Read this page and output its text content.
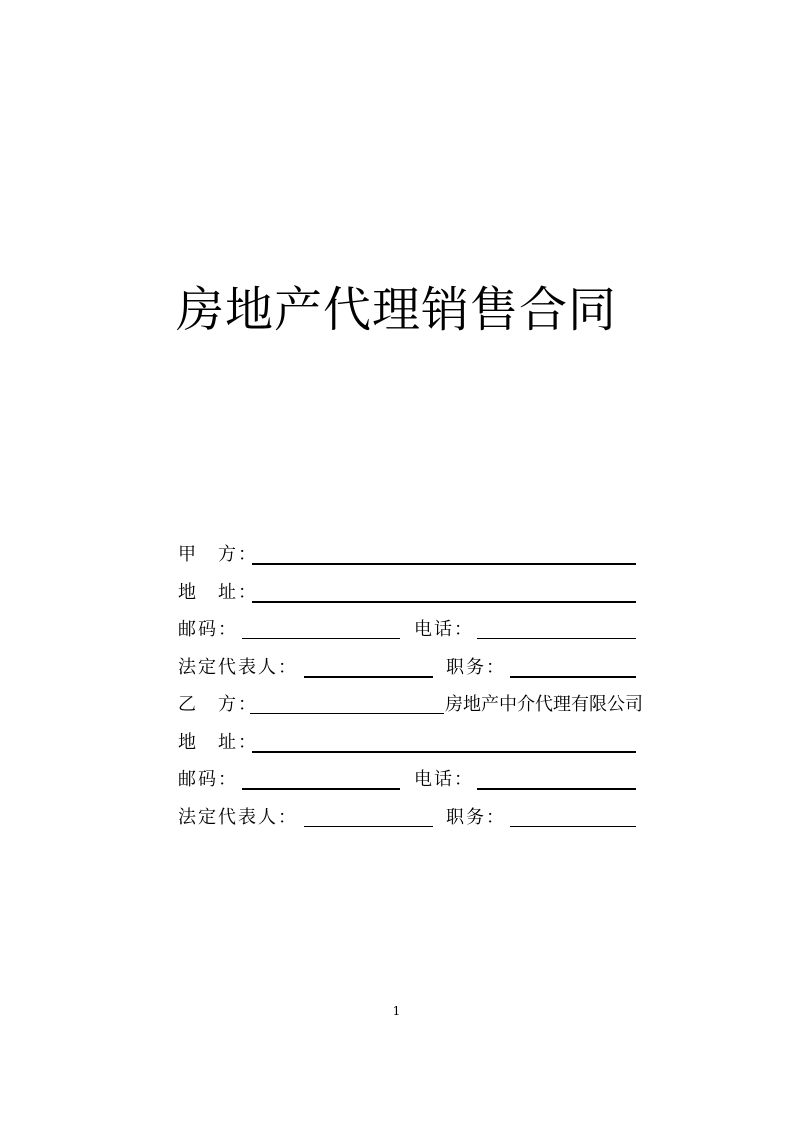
房地产代理销售合同
甲　方：
地　址：
邮码：	电话：
法定代表人：	职务：
乙　方：	房地产中介代理有限公司
地　址：
邮码：	电话：
法定代表人：	职务：
1
